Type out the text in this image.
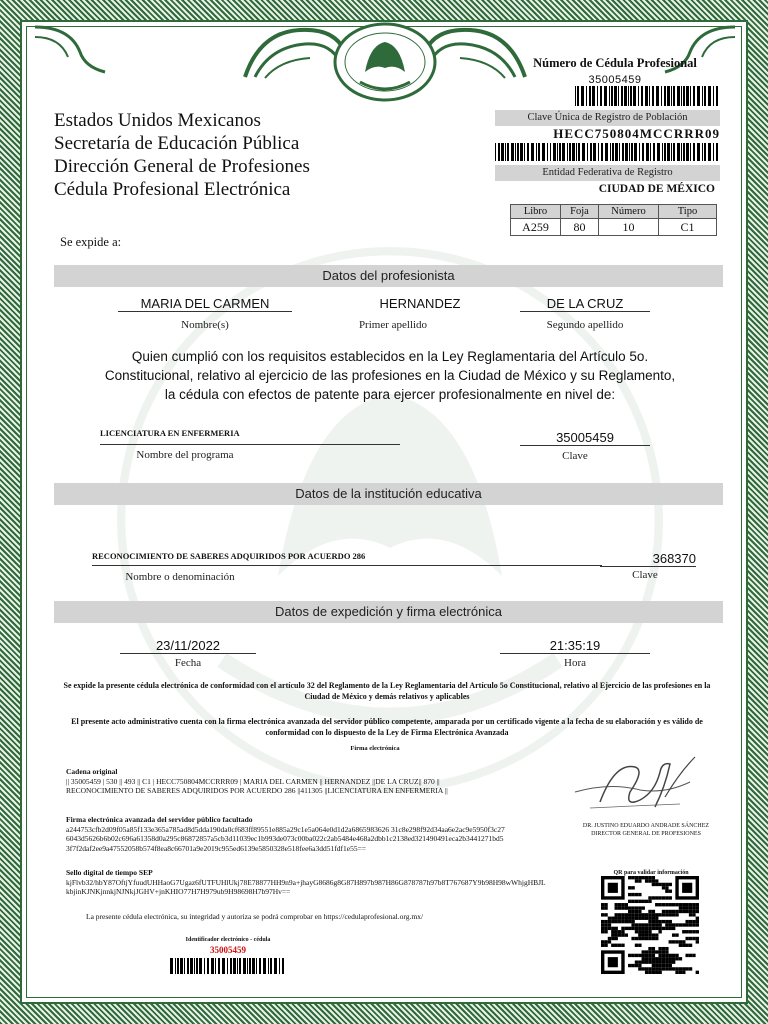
Estados Unidos Mexicanos
Secretaría de Educación Pública
Dirección General de Profesiones
Cédula Profesional Electrónica
Número de Cédula Profesional
35005459
Clave Única de Registro de Población
HECC750804MCCRRR09
Entidad Federativa de Registro
CIUDAD DE MÉXICO
Libro	Foja	Número	Tipo
A259	80	10	C1
Se expide a:
Datos del profesionista
MARIA DEL CARMEN
Nombre(s)
HERNANDEZ
Primer apellido
DE LA CRUZ
Segundo apellido
Quien cumplió con los requisitos establecidos en la Ley Reglamentaria del Artículo 5o.
Constitucional, relativo al ejercicio de las profesiones en la Ciudad de México y su Reglamento,
la cédula con efectos de patente para ejercer profesionalmente en nivel de:
LICENCIATURA EN ENFERMERIA
Nombre del programa
35005459
Clave
Datos de la institución educativa
RECONOCIMIENTO DE SABERES ADQUIRIDOS POR ACUERDO 286
Nombre o denominación
368370
Clave
Datos de expedición y firma electrónica
23/11/2022
Fecha
21:35:19
Hora
Se expide la presente cédula electrónica de conformidad con el artículo 32 del Reglamento de la Ley Reglamentaria del Artículo 5o Constitucional, relativo al Ejercicio de las profesiones en la Ciudad de México y demás relativos y aplicables
El presente acto administrativo cuenta con la firma electrónica avanzada del servidor público competente, amparada por un certificado vigente a la fecha de su elaboración y es válido de conformidad con lo dispuesto de la Ley de Firma Electrónica Avanzada
Firma electrónica
Cadena original
|| 35005459 | 530 || 493 || C1 | HECC750804MCCRRR09 | MARIA DEL CARMEN || HERNANDEZ ||DE LA CRUZ|| 870 || RECONOCIMIENTO DE SABERES ADQUIRIDOS POR ACUERDO 286 ||411305 ||LICENCIATURA EN ENFERMERIA ||
Firma electrónica avanzada del servidor público facultado
a244753cfb2d09f05a85f133e365a785ad8d5dda190da0cf683ff89551e885a29c1e5a064e0d1d2a6865983626 31c8e298f92d34aa6e2ac9e5950f3c276043d5626b6b02c696a61358d0a295c86872857a5cb3d11039ec1b993de073c00ba022c2ab5484e468a2dbb1c2138ed321490491eca2b3441271bd53f7f2daf2ee9a47552058b574f8ea8c66701a9e2019c955ed6139e5850328e518fee6a3dd51fdf1e55==
Sello digital de tiempo SEP
kjFlvb32/hbY87OftjYfuudUHHaoG7Ugaz6fUTFUHlUkj78E78877HH9n9a+jhayG8686g8G87H897b987H86G878787h97b8T767687Y9b98H98wWhjgHBJLkbjinKJNKjnnkjNJNkjJGHV+jnKHIO77H7H979ub9H98698H7b97Hv==
La presente cédula electrónica, su integridad y autoriza se podrá comprobar en https://cedulaprofesional.org.mx/
Identificador electrónico - cédula
35005459
DR. JUSTINO EDUARDO ANDRADE SÁNCHEZ
DIRECTOR GENERAL DE PROFESIONES
QR para validar información
